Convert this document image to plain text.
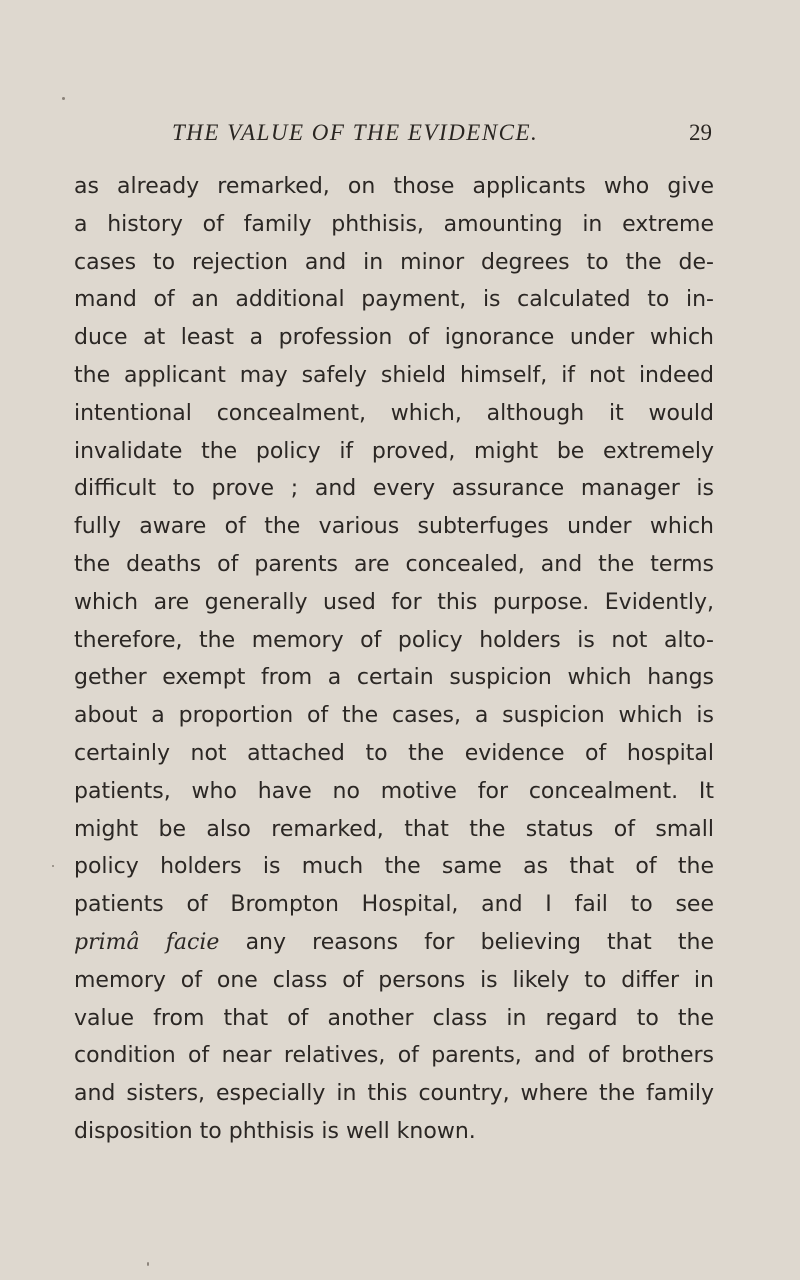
THE VALUE OF THE EVIDENCE.	29
as already remarked, on those applicants who give
a history of family phthisis, amounting in extreme
cases to rejection and in minor degrees to the de-
mand of an additional payment, is calculated to in-
duce at least a profession of ignorance under which
the applicant may safely shield himself, if not indeed
intentional concealment, which, although it would
invalidate the policy if proved, might be extremely
difficult to prove ; and every assurance manager is
fully aware of the various subterfuges under which
the deaths of parents are concealed, and the terms
which are generally used for this purpose. Evidently,
therefore, the memory of policy holders is not alto-
gether exempt from a certain suspicion which hangs
about a proportion of the cases, a suspicion which is
certainly not attached to the evidence of hospital
patients, who have no motive for concealment. It
might be also remarked, that the status of small
policy holders is much the same as that of the
patients of Brompton Hospital, and I fail to see
primâ facie any reasons for believing that the
memory of one class of persons is likely to differ in
value from that of another class in regard to the
condition of near relatives, of parents, and of brothers
and sisters, especially in this country, where the family
disposition to phthisis is well known.
